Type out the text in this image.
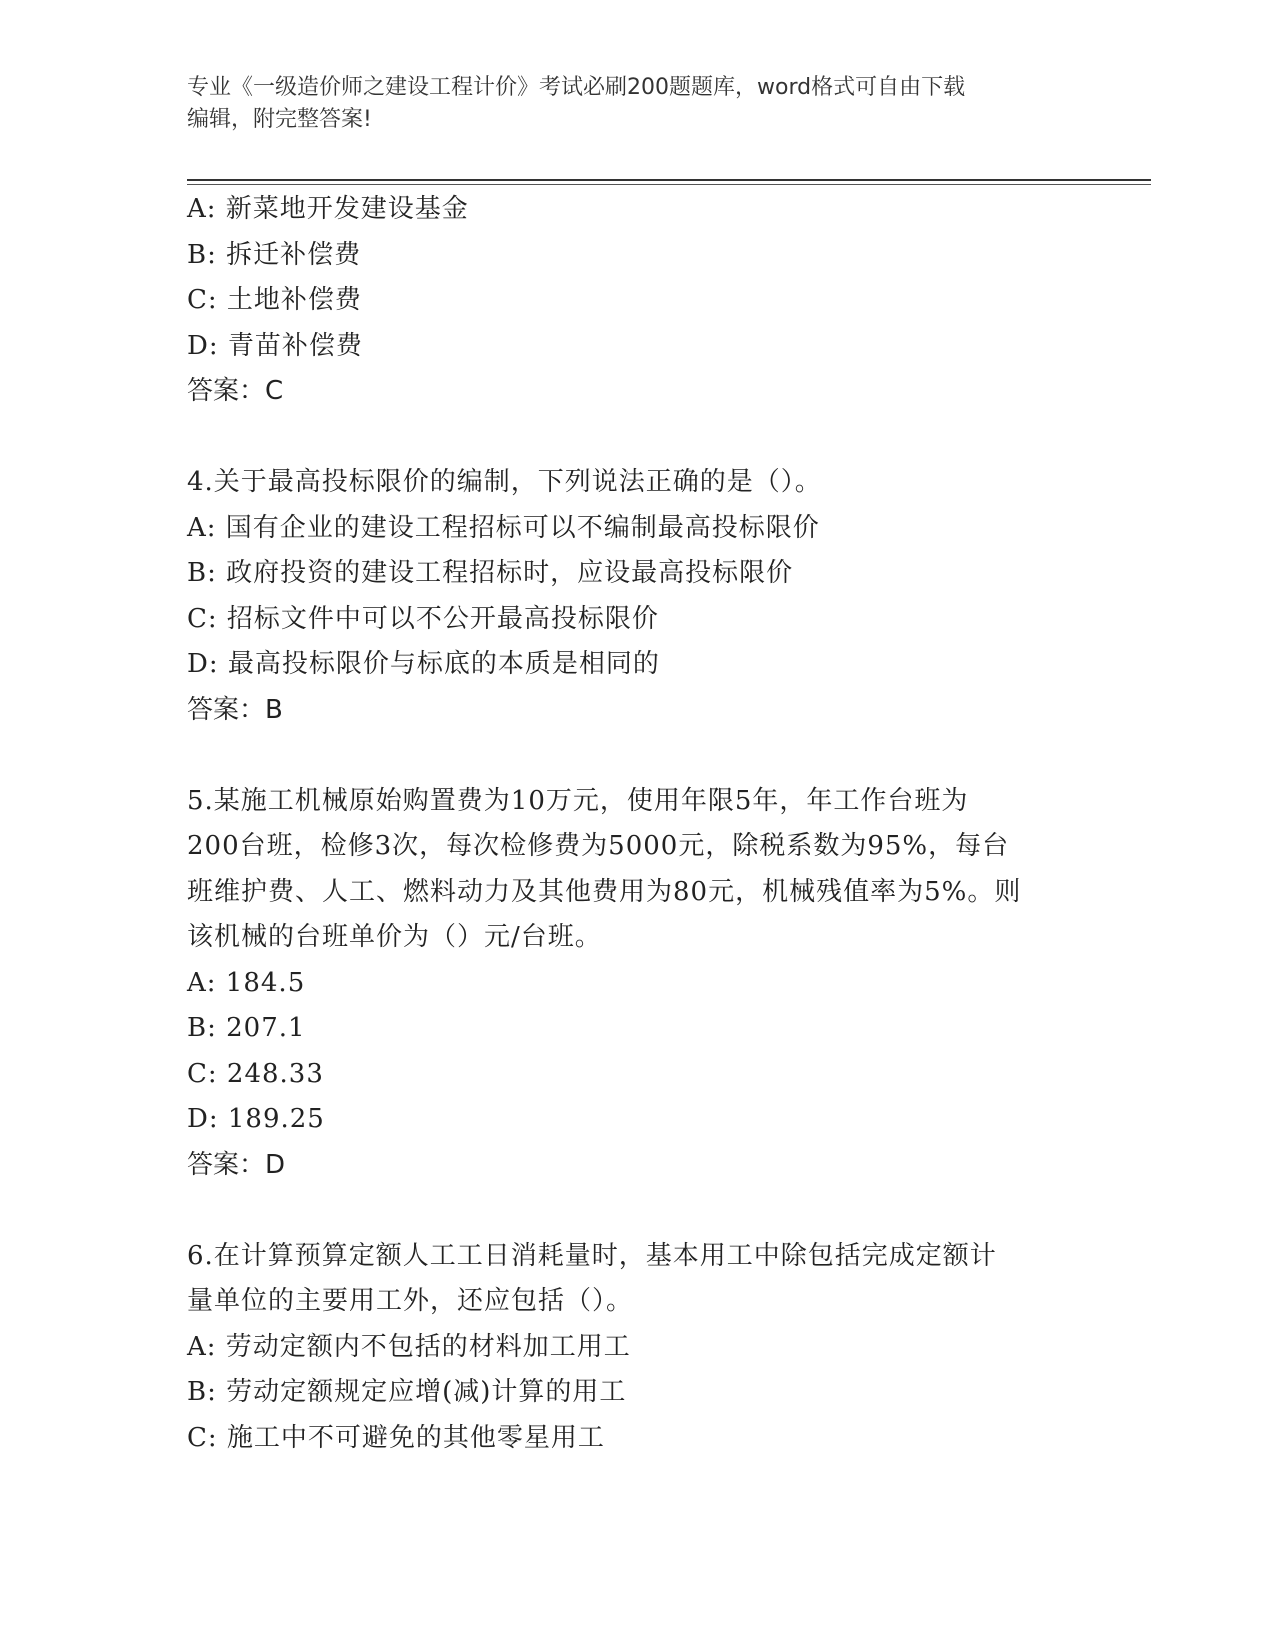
专业《一级造价师之建设工程计价》考试必刷200题题库，word格式可自由下载

编辑，附完整答案!

A: 新菜地开发建设基金
B: 拆迁补偿费
C: 土地补偿费
D: 青苗补偿费
答案：C
4.关于最高投标限价的编制，下列说法正确的是（）。
A: 国有企业的建设工程招标可以不编制最高投标限价
B: 政府投资的建设工程招标时，应设最高投标限价
C: 招标文件中可以不公开最高投标限价
D: 最高投标限价与标底的本质是相同的
答案：B
5.某施工机械原始购置费为10万元，使用年限5年，年工作台班为
200台班，检修3次，每次检修费为5000元，除税系数为95%，每台
班维护费、人工、燃料动力及其他费用为80元，机械残值率为5%。则
该机械的台班单价为（）元/台班。
A: 184.5
B: 207.1
C: 248.33
D: 189.25
答案：D
6.在计算预算定额人工工日消耗量时，基本用工中除包括完成定额计
量单位的主要用工外，还应包括（）。
A: 劳动定额内不包括的材料加工用工
B: 劳动定额规定应增(减)计算的用工
C: 施工中不可避免的其他零星用工
